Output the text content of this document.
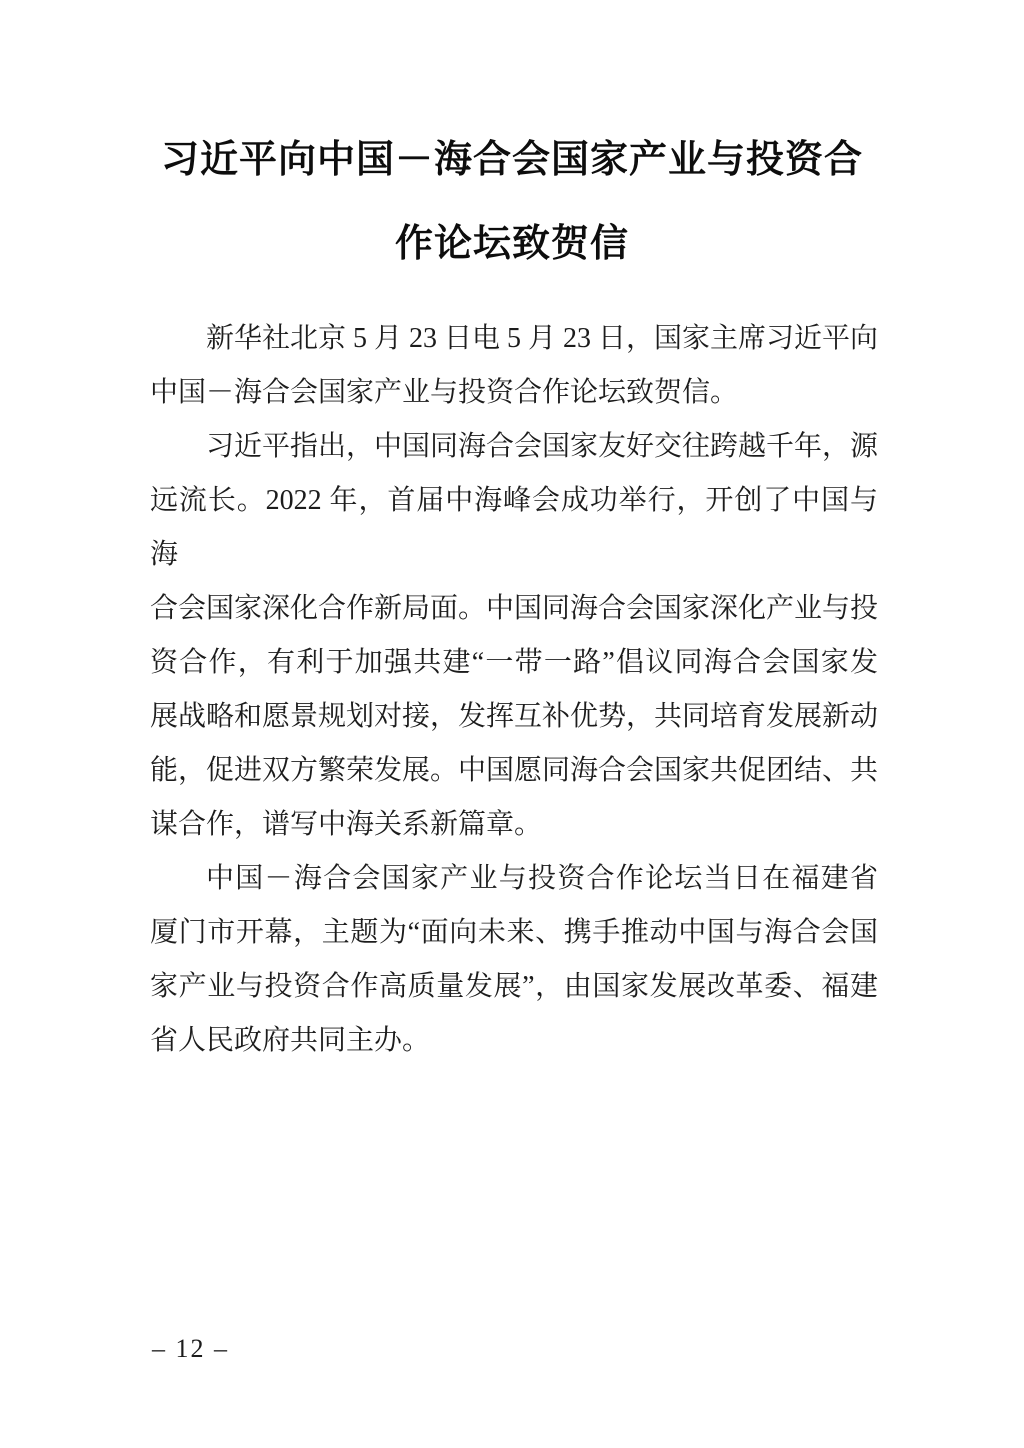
习近平向中国－海合会国家产业与投资合
作论坛致贺信

新华社北京 5 月 23 日电 5 月 23 日，国家主席习近平向
中国－海合会国家产业与投资合作论坛致贺信。

习近平指出，中国同海合会国家友好交往跨越千年，源
远流长。2022 年，首届中海峰会成功举行，开创了中国与海
合会国家深化合作新局面。中国同海合会国家深化产业与投
资合作，有利于加强共建“一带一路”倡议同海合会国家发
展战略和愿景规划对接，发挥互补优势，共同培育发展新动
能，促进双方繁荣发展。中国愿同海合会国家共促团结、共
谋合作，谱写中海关系新篇章。

中国－海合会国家产业与投资合作论坛当日在福建省
厦门市开幕，主题为“面向未来、携手推动中国与海合会国
家产业与投资合作高质量发展”，由国家发展改革委、福建
省人民政府共同主办。

– 12 –
